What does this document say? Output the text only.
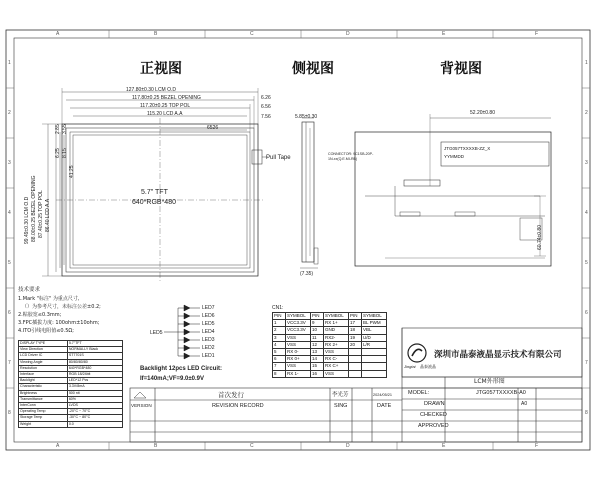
A	B	C	D	E	F
A	B	C	D	E	F
1
2
3
4
5
6
7
8
1
2
3
4
5
6
7
8
正视图	侧视图	背视图
127.80±0.30 LCM O.D
117.80±0.25 BEZEL OPENING
117.20±0.25 TOP POL
115.20 LCD A.A
6526
6.26
6.56
7.56
99.49±0.30 LCM O.D 88.00±0.25 BEZEL OPENING 87.40±0.25 TOP POL 86.40 LCD A.A
2.85 3.55
6.25 8.15
41.25
5.7" TFT
640*RGB*480
Pull Tape
5.85±0.30
(7.35)
52.20±0.80
60.74±0.80
CONNECTOR: 9C1SB-20P-1N-xx(Q.E.MI-RB)
JTG057TXXXXB-ZZ_X
YYMMDD
技术要求
1.Mark "标注" 为重点尺寸,
（）为参考尺寸，未标注公差±0.2;
2.粘胶宽≤0.3mm;
3.FPC插拔力度: 100ohm±10ohm;
4.ITO引线电阻值≤0.5Ω;
DISPLAY TYPE	5.7"TFT
View Direction	NORMALLY Black
LCD Driver IC	ST7701S
Viewing Angle	80/80/80/80
Resolution	640*RGB*480
Interface	RGB 18/24bit
Backlight	LED*12 Pcs
Characteristic	3.3V/8mA
Brightness	500 nit
Transmittance	60%
InterConn	LVDS
Operating Temp	-20°C ~ 70°C
Storage Temp	-30°C ~ 80°C
Weight	0.0
LED5
LED7
LED6
LED5
LED4
LED3
LED2
LED1
Backlight 12pcs LED Circuit:
If=140mA;VF=9.0±0.9V
CN1:
PIN	SYMBOL	PIN	SYMBOL	PIN	SYMBOL
1	VCC3.3V	9	RX 1+	17	BL PWM
2	VCC3.3V	10	GND	18	VBL
3	VSS	11	RX2-	19	U/D
4	VSS	12	RX 2+	20	L/R
5	RX 0-	13	VSS		
6	RX 0+	14	RX C-		
7	VSS	15	RX C+		
8	RX 1-	16	VSS		
Jingtai 晶泰液晶
深圳市晶泰液晶显示技术有限公司
LCM外形图
MODEL:	JTG057TXXXXB-A0
DRAWN
CHECKED
APPROVED
首次发行	李光芳	2024/05/21
VERSION	REVISION RECORD	SING	DATE	A0
